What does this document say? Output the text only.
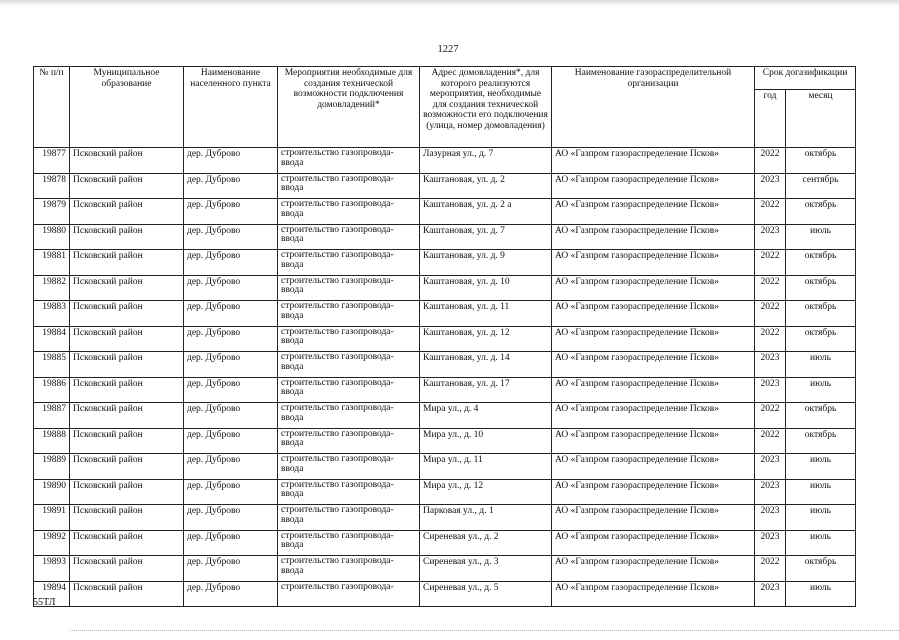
1227
№ п/п	Муниципальное образование	Наименование населенного пункта	Мероприятия необходимые для создания технической возможности подключения домовладений*	Адрес домовладения*, для которого реализуются мероприятия, необходимые для создания технической возможности его подключения (улица, номер домовладения)	Наименование газораспределительной организации	Срок догазификации	
						год	месяц
19877	Псковский район	дер. Дуброво	строительство газопровода-ввода	Лазурная ул., д. 7	АО «Газпром газораспределение Псков»	2022	октябрь
19878	Псковский район	дер. Дуброво	строительство газопровода-ввода	Каштановая, ул. д. 2	АО «Газпром газораспределение Псков»	2023	сентябрь
19879	Псковский район	дер. Дуброво	строительство газопровода-ввода	Каштановая, ул. д. 2 а	АО «Газпром газораспределение Псков»	2022	октябрь
19880	Псковский район	дер. Дуброво	строительство газопровода-ввода	Каштановая, ул. д. 7	АО «Газпром газораспределение Псков»	2023	июль
19881	Псковский район	дер. Дуброво	строительство газопровода-ввода	Каштановая, ул. д. 9	АО «Газпром газораспределение Псков»	2022	октябрь
19882	Псковский район	дер. Дуброво	строительство газопровода-ввода	Каштановая, ул. д. 10	АО «Газпром газораспределение Псков»	2022	октябрь
19883	Псковский район	дер. Дуброво	строительство газопровода-ввода	Каштановая, ул. д. 11	АО «Газпром газораспределение Псков»	2022	октябрь
19884	Псковский район	дер. Дуброво	строительство газопровода-ввода	Каштановая, ул. д. 12	АО «Газпром газораспределение Псков»	2022	октябрь
19885	Псковский район	дер. Дуброво	строительство газопровода-ввода	Каштановая, ул. д. 14	АО «Газпром газораспределение Псков»	2023	июль
19886	Псковский район	дер. Дуброво	строительство газопровода-ввода	Каштановая, ул. д. 17	АО «Газпром газораспределение Псков»	2023	июль
19887	Псковский район	дер. Дуброво	строительство газопровода-ввода	Мира ул., д. 4	АО «Газпром газораспределение Псков»	2022	октябрь
19888	Псковский район	дер. Дуброво	строительство газопровода-ввода	Мира ул., д. 10	АО «Газпром газораспределение Псков»	2022	октябрь
19889	Псковский район	дер. Дуброво	строительство газопровода-ввода	Мира ул., д. 11	АО «Газпром газораспределение Псков»	2023	июль
19890	Псковский район	дер. Дуброво	строительство газопровода-ввода	Мира ул., д. 12	АО «Газпром газораспределение Псков»	2023	июль
19891	Псковский район	дер. Дуброво	строительство газопровода-ввода	Парковая ул., д. 1	АО «Газпром газораспределение Псков»	2023	июль
19892	Псковский район	дер. Дуброво	строительство газопровода-ввода	Сиреневая ул., д. 2	АО «Газпром газораспределение Псков»	2023	июль
19893	Псковский район	дер. Дуброво	строительство газопровода-ввода	Сиреневая ул., д. 3	АО «Газпром газораспределение Псков»	2022	октябрь
19894	Псковский район	дер. Дуброво	строительство газопровода-	Сиреневая ул., д. 5	АО «Газпром газораспределение Псков»	2023	июль
55ТЛ
